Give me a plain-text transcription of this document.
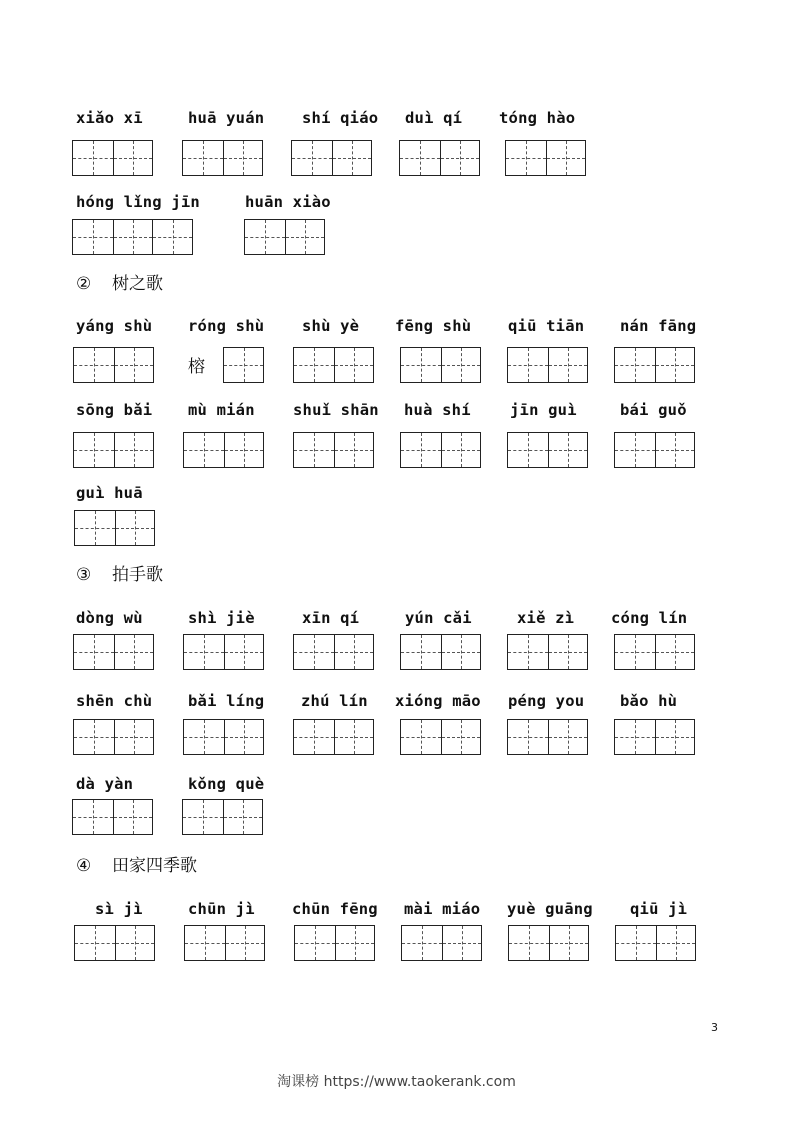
xiǎo xī	huā yuán shí qiáo duì qí tóng hào
hóng lǐng jīn	huān xiào
② 树之歌
yáng shù róng shù
榕
shù yè fēng shù qiū tiān nán fāng
sōng bǎi mù mián shuǐ shān huà shí	jīn guì	bái guǒ
guì huā
③ 拍手歌
dòng wù	shì jiè	xīn qí	yún cǎi	xiě zì cóng lín
shēn chù bǎi líng zhú lín xióng māo péng you bǎo hù
dà yàn	kǒng què
④ 田家四季歌
sì jì	chūn jì chūn fēng mài miáo yuè guāng qiū jì
3
淘课榜 https://www.taokerank.com
